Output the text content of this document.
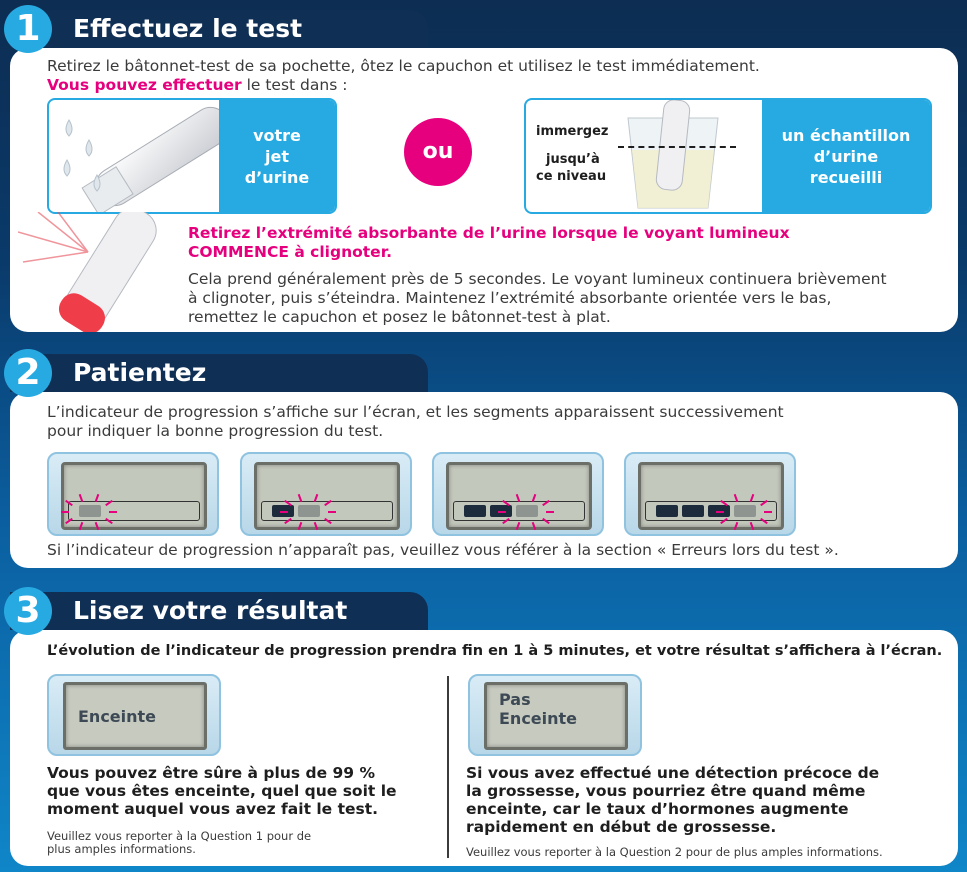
Effectuez le test
1
Retirez le bâtonnet-test de sa pochette, ôtez le capuchon et utilisez le test immédiatement.
Vous pouvez effectuer le test dans :
votre jet d’urine
ou
immergez
jusqu’à
ce niveau
un échantillon d’urine recueilli
Retirez l’extrémité absorbante de l’urine lorsque le voyant lumineux
COMMENCE à clignoter.
Cela prend généralement près de 5 secondes. Le voyant lumineux continuera brièvement
à clignoter, puis s’éteindra. Maintenez l’extrémité absorbante orientée vers le bas,
remettez le capuchon et posez le bâtonnet-test à plat.
Patientez
2
L’indicateur de progression s’affiche sur l’écran, et les segments apparaissent successivement
pour indiquer la bonne progression du test.
Si l’indicateur de progression n’apparaît pas, veuillez vous référer à la section « Erreurs lors du test ».
Lisez votre résultat
3
L’évolution de l’indicateur de progression prendra fin en 1 à 5 minutes, et votre résultat s’affichera à l’écran.
Enceinte
Vous pouvez être sûre à plus de 99 %
que vous êtes enceinte, quel que soit le
moment auquel vous avez fait le test.
Veuillez vous reporter à la Question 1 pour de
plus amples informations.
Pas
Enceinte
Si vous avez effectué une détection précoce de
la grossesse, vous pourriez être quand même
enceinte, car le taux d’hormones augmente
rapidement en début de grossesse.
Veuillez vous reporter à la Question 2 pour de plus amples informations.
